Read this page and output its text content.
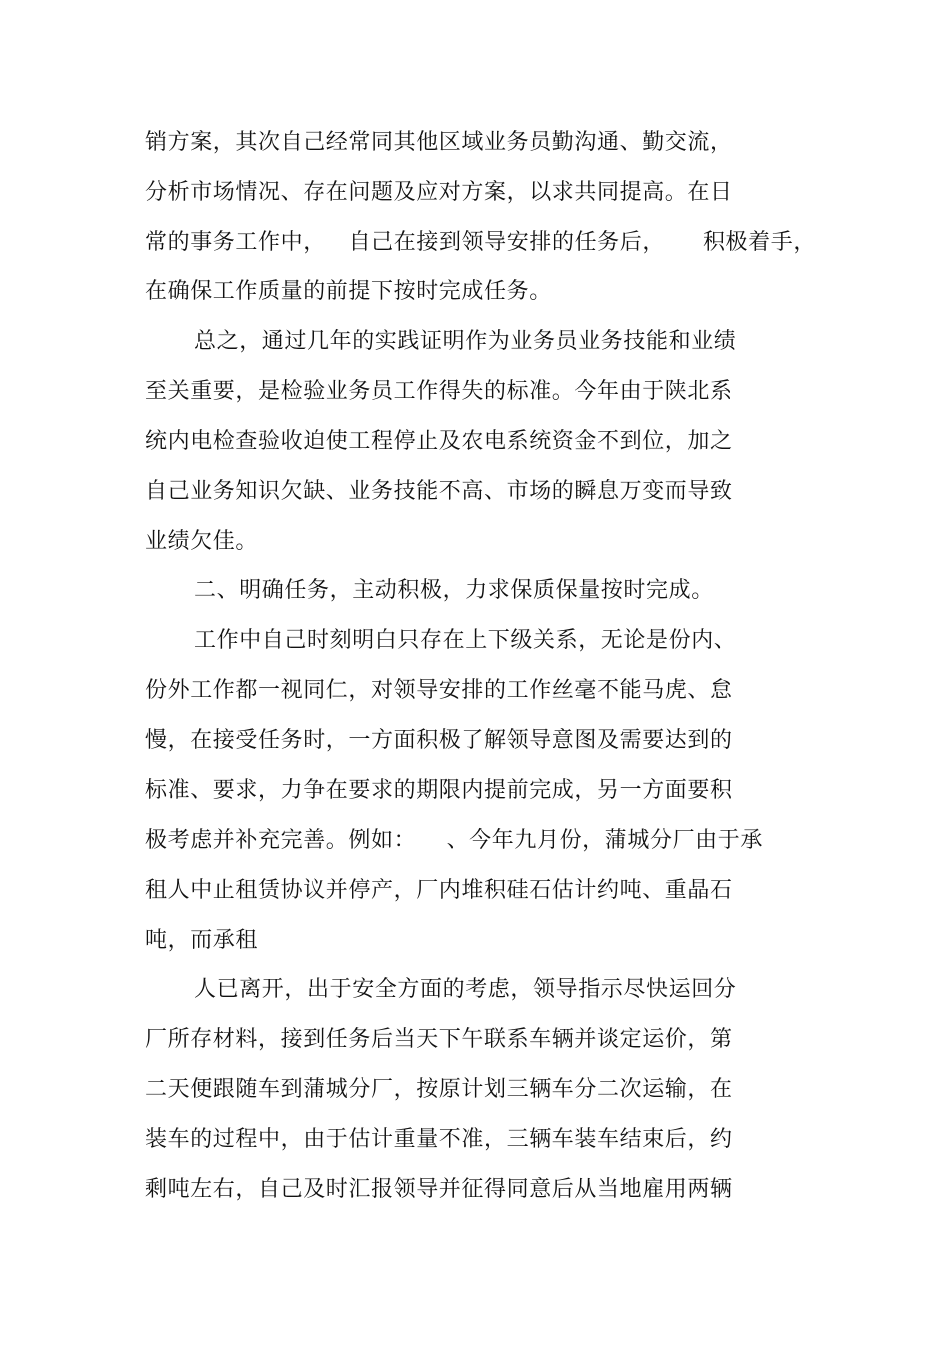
销方案，其次自己经常同其他区域业务员勤沟通、勤交流，
分析市场情况、存在问题及应对方案，以求共同提高。在日
常的事务工作中，   自己在接到领导安排的任务后，     积极着手，
在确保工作质量的前提下按时完成任务。
总之，通过几年的实践证明作为业务员业务技能和业绩
至关重要，是检验业务员工作得失的标准。今年由于陕北系
统内电检查验收迫使工程停止及农电系统资金不到位，加之
自己业务知识欠缺、业务技能不高、市场的瞬息万变而导致
业绩欠佳。
二、明确任务，主动积极，力求保质保量按时完成。
工作中自己时刻明白只存在上下级关系，无论是份内、
份外工作都一视同仁，对领导安排的工作丝毫不能马虎、怠
慢，在接受任务时，一方面积极了解领导意图及需要达到的
标准、要求，力争在要求的期限内提前完成，另一方面要积
极考虑并补充完善。例如：    、今年九月份，蒲城分厂由于承
租人中止租赁协议并停产，厂内堆积硅石估计约吨、重晶石
吨，而承租
人已离开，出于安全方面的考虑，领导指示尽快运回分
厂所存材料，接到任务后当天下午联系车辆并谈定运价，第
二天便跟随车到蒲城分厂，按原计划三辆车分二次运输，在
装车的过程中，由于估计重量不准，三辆车装车结束后，约
剩吨左右，自己及时汇报领导并征得同意后从当地雇用两辆
